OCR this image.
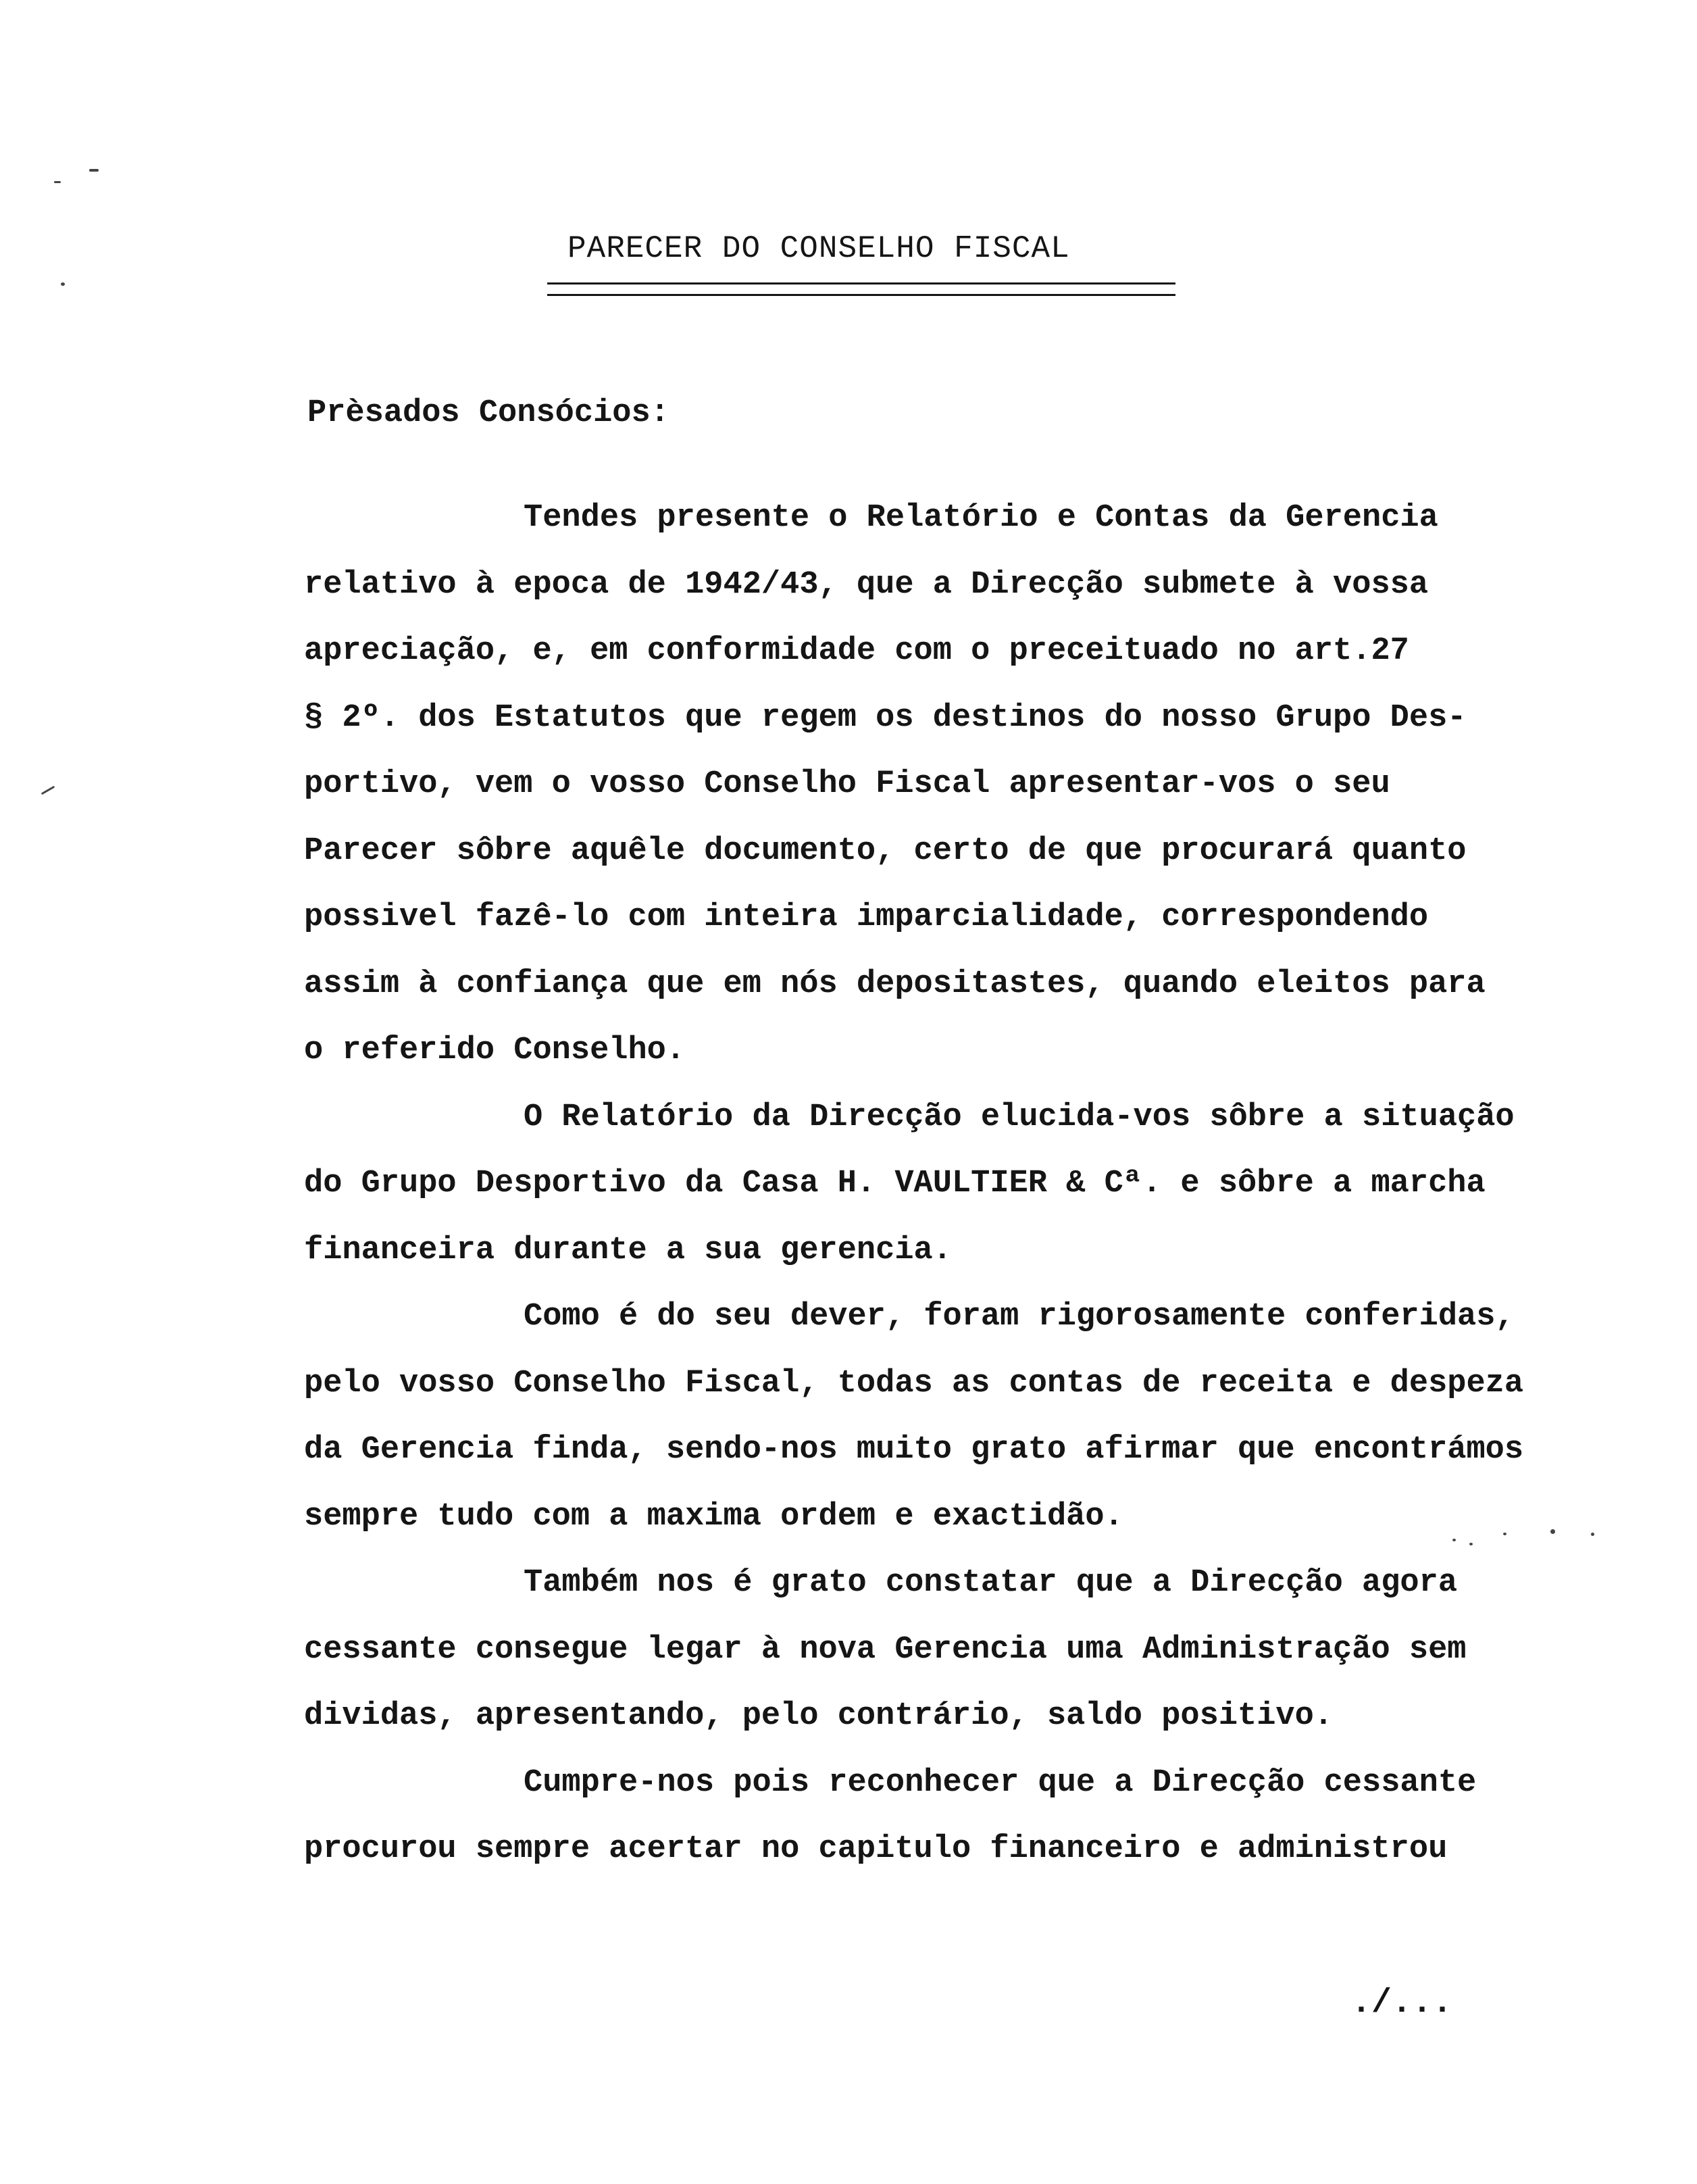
PARECER DO CONSELHO FISCAL
Prèsados Consócios:

Tendes presente o Relatório e Contas da Gerencia
relativo à epoca de 1942/43, que a Direcção submete à vossa
apreciação, e, em conformidade com o preceituado no art.27
§ 2º. dos Estatutos que regem os destinos do nosso Grupo Des-
portivo, vem o vosso Conselho Fiscal apresentar-vos o seu
Parecer sôbre aquêle documento, certo de que procurará quanto
possivel fazê-lo com inteira imparcialidade, correspondendo
assim à confiança que em nós depositastes, quando eleitos para
o referido Conselho.

O Relatório da Direcção elucida-vos sôbre a situação
do Grupo Desportivo da Casa H. VAULTIER & Cª. e sôbre a marcha
financeira durante a sua gerencia.

Como é do seu dever, foram rigorosamente conferidas,
pelo vosso Conselho Fiscal, todas as contas de receita e despeza
da Gerencia finda, sendo-nos muito grato afirmar que encontrámos
sempre tudo com a maxima ordem e exactidão.

Também nos é grato constatar que a Direcção agora
cessante consegue legar à nova Gerencia uma Administração sem
dividas, apresentando, pelo contrário, saldo positivo.

Cumpre-nos pois reconhecer que a Direcção cessante
procurou sempre acertar no capitulo financeiro e administrou

./...
